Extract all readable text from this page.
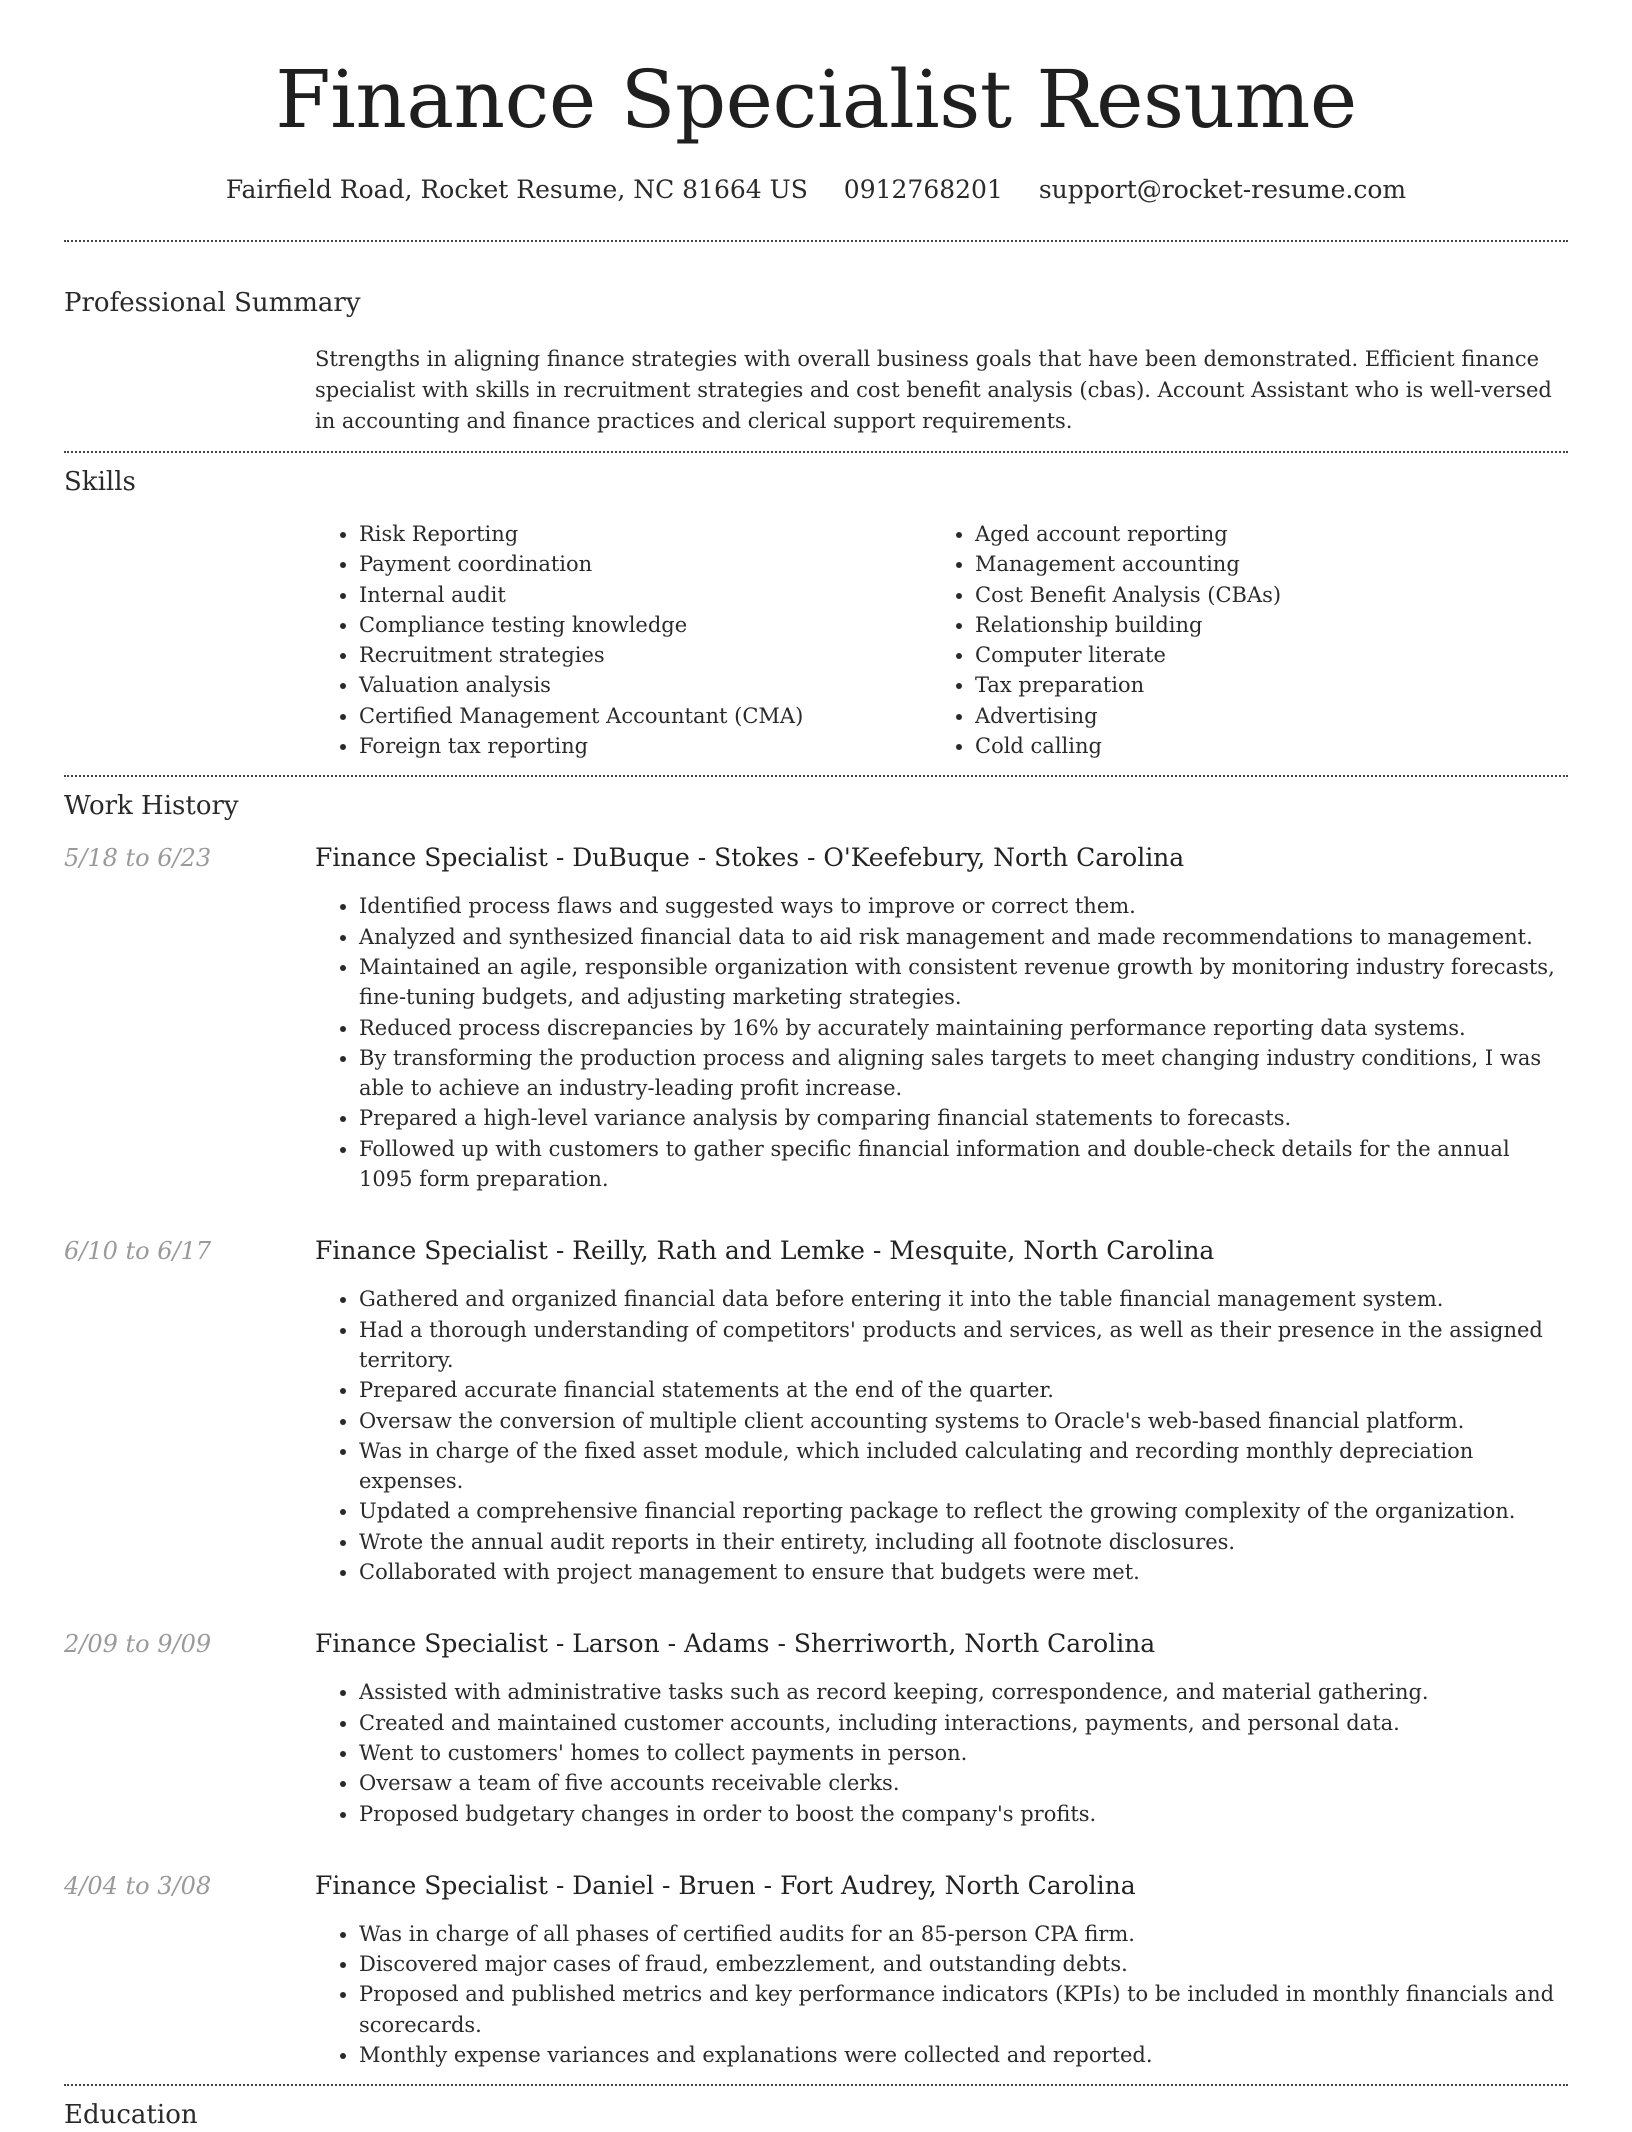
Finance Specialist Resume
Fairfield Road, Rocket Resume, NC 81664 US 0912768201 support@rocket-resume.com
Professional Summary

Strengths in aligning finance strategies with overall business goals that have been demonstrated. Efficient finance specialist with skills in recruitment strategies and cost benefit analysis (cbas). Account Assistant who is well-versed in accounting and finance practices and clerical support requirements.

Skills
• Risk Reporting
• Payment coordination
• Internal audit
• Compliance testing knowledge
• Recruitment strategies
• Valuation analysis
• Certified Management Accountant (CMA)
• Foreign tax reporting
• Aged account reporting
• Management accounting
• Cost Benefit Analysis (CBAs)
• Relationship building
• Computer literate
• Tax preparation
• Advertising
• Cold calling
Work History
5/18 to 6/23	Finance Specialist - DuBuque - Stokes - O'Keefebury, North Carolina
• Identified process flaws and suggested ways to improve or correct them.
• Analyzed and synthesized financial data to aid risk management and made recommendations to management.
• Maintained an agile, responsible organization with consistent revenue growth by monitoring industry forecasts, fine-tuning budgets, and adjusting marketing strategies.
• Reduced process discrepancies by 16% by accurately maintaining performance reporting data systems.
• By transforming the production process and aligning sales targets to meet changing industry conditions, I was able to achieve an industry-leading profit increase.
• Prepared a high-level variance analysis by comparing financial statements to forecasts.
• Followed up with customers to gather specific financial information and double-check details for the annual 1095 form preparation.
6/10 to 6/17	Finance Specialist - Reilly, Rath and Lemke - Mesquite, North Carolina
• Gathered and organized financial data before entering it into the table financial management system.
• Had a thorough understanding of competitors' products and services, as well as their presence in the assigned territory.
• Prepared accurate financial statements at the end of the quarter.
• Oversaw the conversion of multiple client accounting systems to Oracle's web-based financial platform.
• Was in charge of the fixed asset module, which included calculating and recording monthly depreciation expenses.
• Updated a comprehensive financial reporting package to reflect the growing complexity of the organization.
• Wrote the annual audit reports in their entirety, including all footnote disclosures.
• Collaborated with project management to ensure that budgets were met.
2/09 to 9/09	Finance Specialist - Larson - Adams - Sherriworth, North Carolina
• Assisted with administrative tasks such as record keeping, correspondence, and material gathering.
• Created and maintained customer accounts, including interactions, payments, and personal data.
• Went to customers' homes to collect payments in person.
• Oversaw a team of five accounts receivable clerks.
• Proposed budgetary changes in order to boost the company's profits.
4/04 to 3/08	Finance Specialist - Daniel - Bruen - Fort Audrey, North Carolina
• Was in charge of all phases of certified audits for an 85-person CPA firm.
• Discovered major cases of fraud, embezzlement, and outstanding debts.
• Proposed and published metrics and key performance indicators (KPIs) to be included in monthly financials and scorecards.
• Monthly expense variances and explanations were collected and reported.
Education
